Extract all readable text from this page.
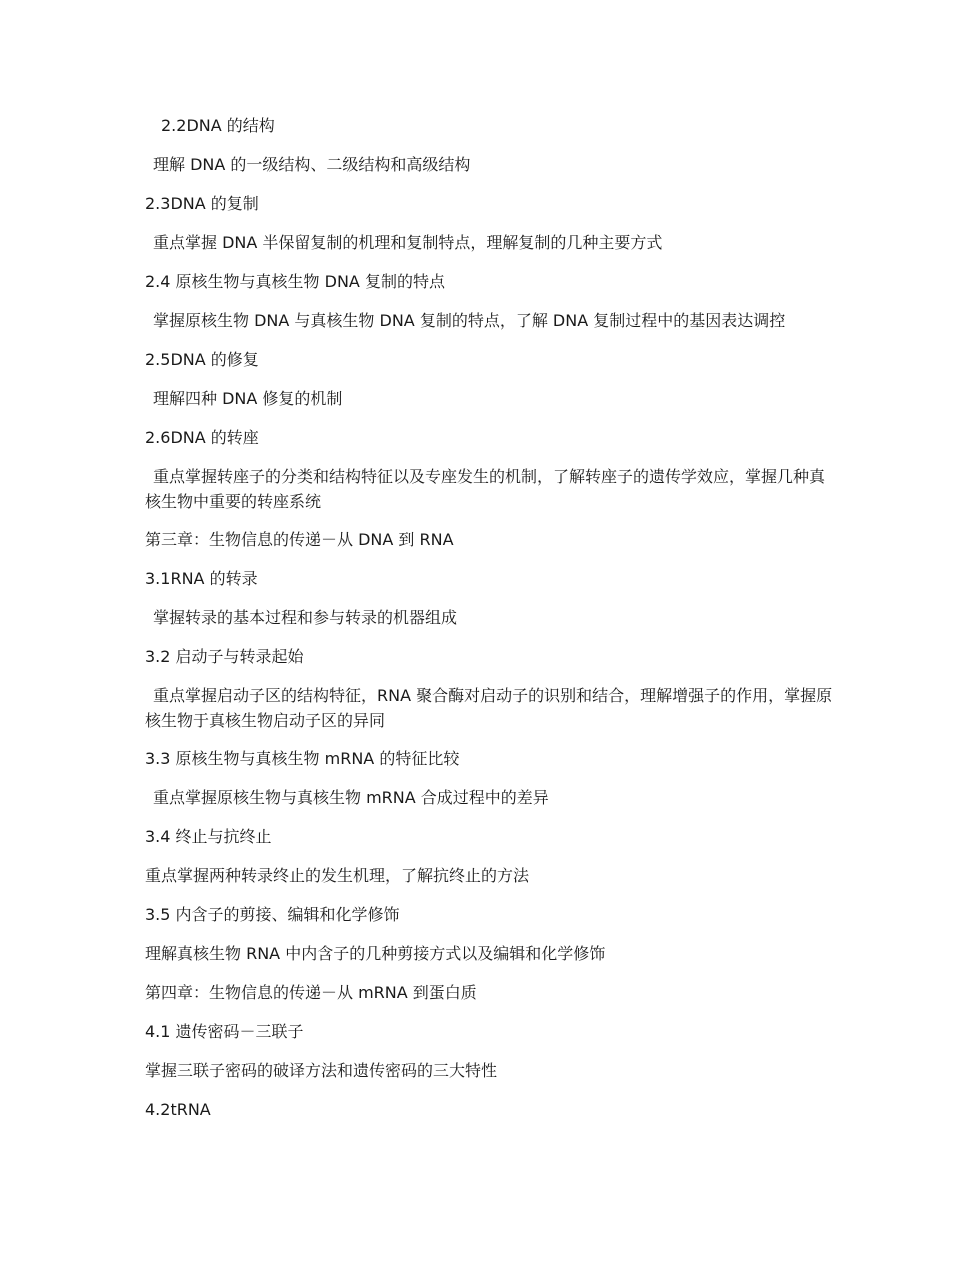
2.2DNA 的结构
理解 DNA 的一级结构、二级结构和高级结构
2.3DNA 的复制
重点掌握 DNA 半保留复制的机理和复制特点，理解复制的几种主要方式
2.4 原核生物与真核生物 DNA 复制的特点
掌握原核生物 DNA 与真核生物 DNA 复制的特点，了解 DNA 复制过程中的基因表达调控
2.5DNA 的修复
理解四种 DNA 修复的机制
2.6DNA 的转座
重点掌握转座子的分类和结构特征以及专座发生的机制，了解转座子的遗传学效应，掌握几种真核生物中重要的转座系统
第三章：生物信息的传递－从 DNA 到 RNA
3.1RNA 的转录
掌握转录的基本过程和参与转录的机器组成
3.2 启动子与转录起始
重点掌握启动子区的结构特征，RNA 聚合酶对启动子的识别和结合，理解增强子的作用，掌握原核生物于真核生物启动子区的异同
3.3 原核生物与真核生物 mRNA 的特征比较
重点掌握原核生物与真核生物 mRNA 合成过程中的差异
3.4 终止与抗终止
重点掌握两种转录终止的发生机理，了解抗终止的方法
3.5 内含子的剪接、编辑和化学修饰
理解真核生物 RNA 中内含子的几种剪接方式以及编辑和化学修饰
第四章：生物信息的传递－从 mRNA 到蛋白质
4.1 遗传密码－三联子
掌握三联子密码的破译方法和遗传密码的三大特性
4.2tRNA
